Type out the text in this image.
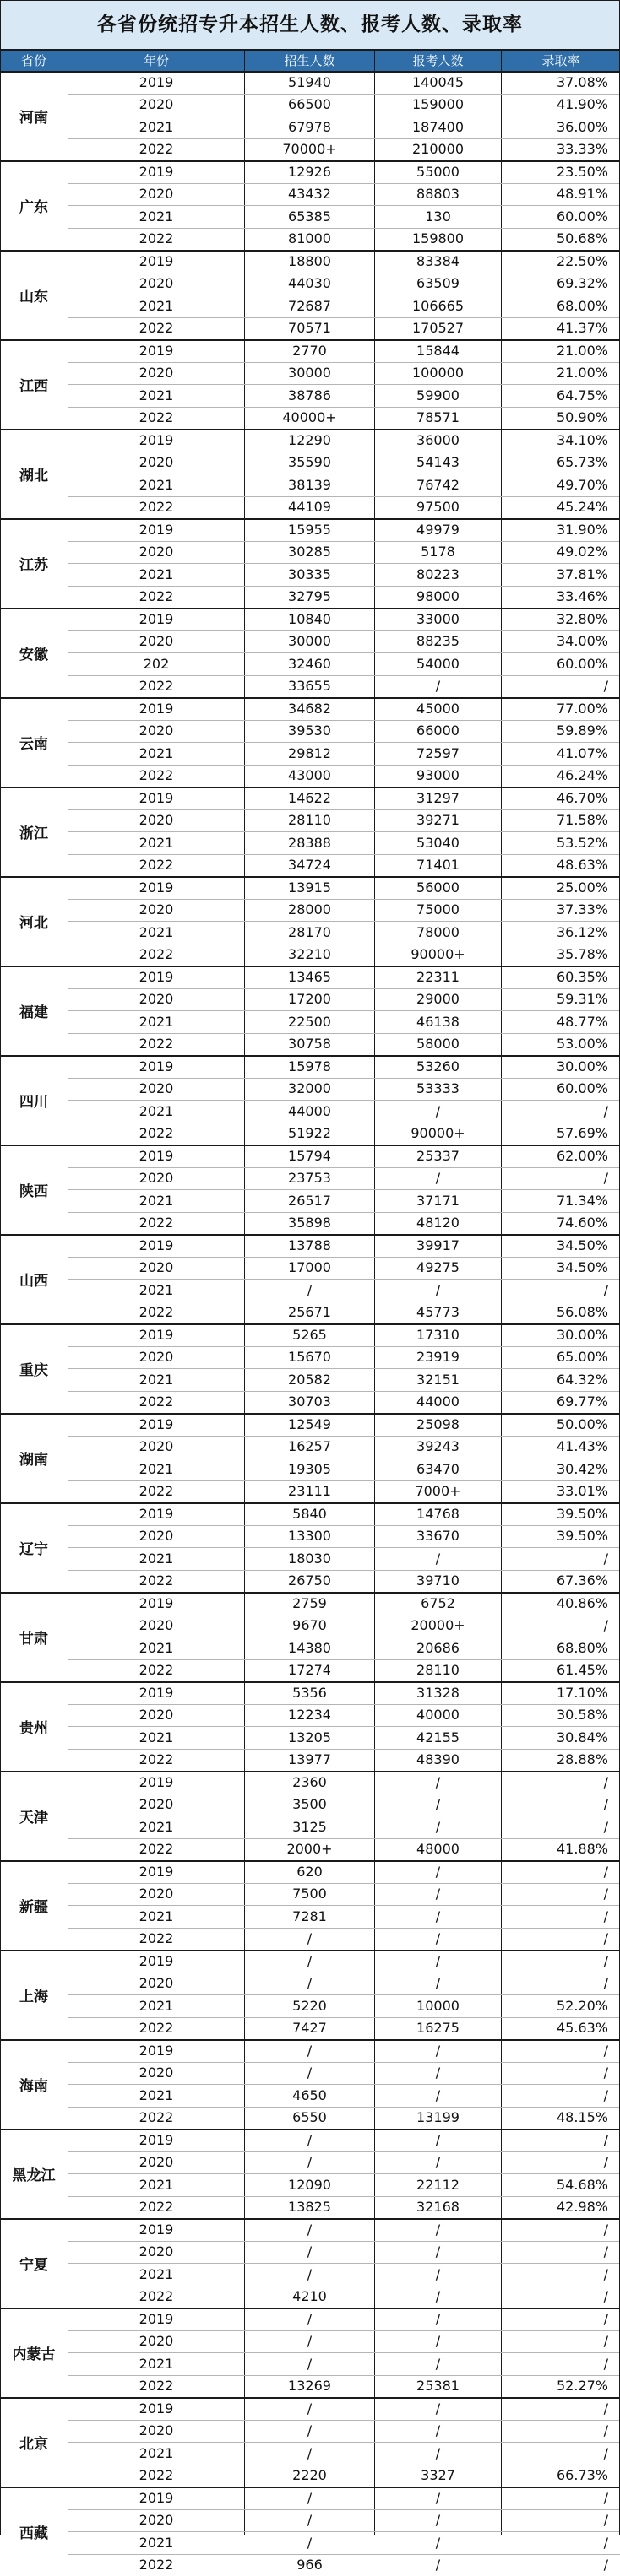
各省份统招专升本招生人数、报考人数、录取率
省份	年份	招生人数	报考人数	录取率
河南
2019	51940	140045	37.08%
2020	66500	159000	41.90%
2021	67978	187400	36.00%
2022	70000+	210000	33.33%
广东
2019	12926	55000	23.50%
2020	43432	88803	48.91%
2021	65385	130	60.00%
2022	81000	159800	50.68%
山东
2019	18800	83384	22.50%
2020	44030	63509	69.32%
2021	72687	106665	68.00%
2022	70571	170527	41.37%
江西
2019	2770	15844	21.00%
2020	30000	100000	21.00%
2021	38786	59900	64.75%
2022	40000+	78571	50.90%
湖北
2019	12290	36000	34.10%
2020	35590	54143	65.73%
2021	38139	76742	49.70%
2022	44109	97500	45.24%
江苏
2019	15955	49979	31.90%
2020	30285	5178	49.02%
2021	30335	80223	37.81%
2022	32795	98000	33.46%
安徽
2019	10840	33000	32.80%
2020	30000	88235	34.00%
202	32460	54000	60.00%
2022	33655	/	/
云南
2019	34682	45000	77.00%
2020	39530	66000	59.89%
2021	29812	72597	41.07%
2022	43000	93000	46.24%
浙江
2019	14622	31297	46.70%
2020	28110	39271	71.58%
2021	28388	53040	53.52%
2022	34724	71401	48.63%
河北
2019	13915	56000	25.00%
2020	28000	75000	37.33%
2021	28170	78000	36.12%
2022	32210	90000+	35.78%
福建
2019	13465	22311	60.35%
2020	17200	29000	59.31%
2021	22500	46138	48.77%
2022	30758	58000	53.00%
四川
2019	15978	53260	30.00%
2020	32000	53333	60.00%
2021	44000	/	/
2022	51922	90000+	57.69%
陕西
2019	15794	25337	62.00%
2020	23753	/	/
2021	26517	37171	71.34%
2022	35898	48120	74.60%
山西
2019	13788	39917	34.50%
2020	17000	49275	34.50%
2021	/	/	/
2022	25671	45773	56.08%
重庆
2019	5265	17310	30.00%
2020	15670	23919	65.00%
2021	20582	32151	64.32%
2022	30703	44000	69.77%
湖南
2019	12549	25098	50.00%
2020	16257	39243	41.43%
2021	19305	63470	30.42%
2022	23111	7000+	33.01%
辽宁
2019	5840	14768	39.50%
2020	13300	33670	39.50%
2021	18030	/	/
2022	26750	39710	67.36%
甘肃
2019	2759	6752	40.86%
2020	9670	20000+	/
2021	14380	20686	68.80%
2022	17274	28110	61.45%
贵州
2019	5356	31328	17.10%
2020	12234	40000	30.58%
2021	13205	42155	30.84%
2022	13977	48390	28.88%
天津
2019	2360	/	/
2020	3500	/	/
2021	3125	/	/
2022	2000+	48000	41.88%
新疆
2019	620	/	/
2020	7500	/	/
2021	7281	/	/
2022	/	/	/
上海
2019	/	/	/
2020	/	/	/
2021	5220	10000	52.20%
2022	7427	16275	45.63%
海南
2019	/	/	/
2020	/	/	/
2021	4650	/	/
2022	6550	13199	48.15%
黑龙江
2019	/	/	/
2020	/	/	/
2021	12090	22112	54.68%
2022	13825	32168	42.98%
宁夏
2019	/	/	/
2020	/	/	/
2021	/	/	/
2022	4210	/	/
内蒙古
2019	/	/	/
2020	/	/	/
2021	/	/	/
2022	13269	25381	52.27%
北京
2019	/	/	/
2020	/	/	/
2021	/	/	/
2022	2220	3327	66.73%
西藏
2019	/	/	/
2020	/	/	/
2021	/	/	/
2022	966	/	/
